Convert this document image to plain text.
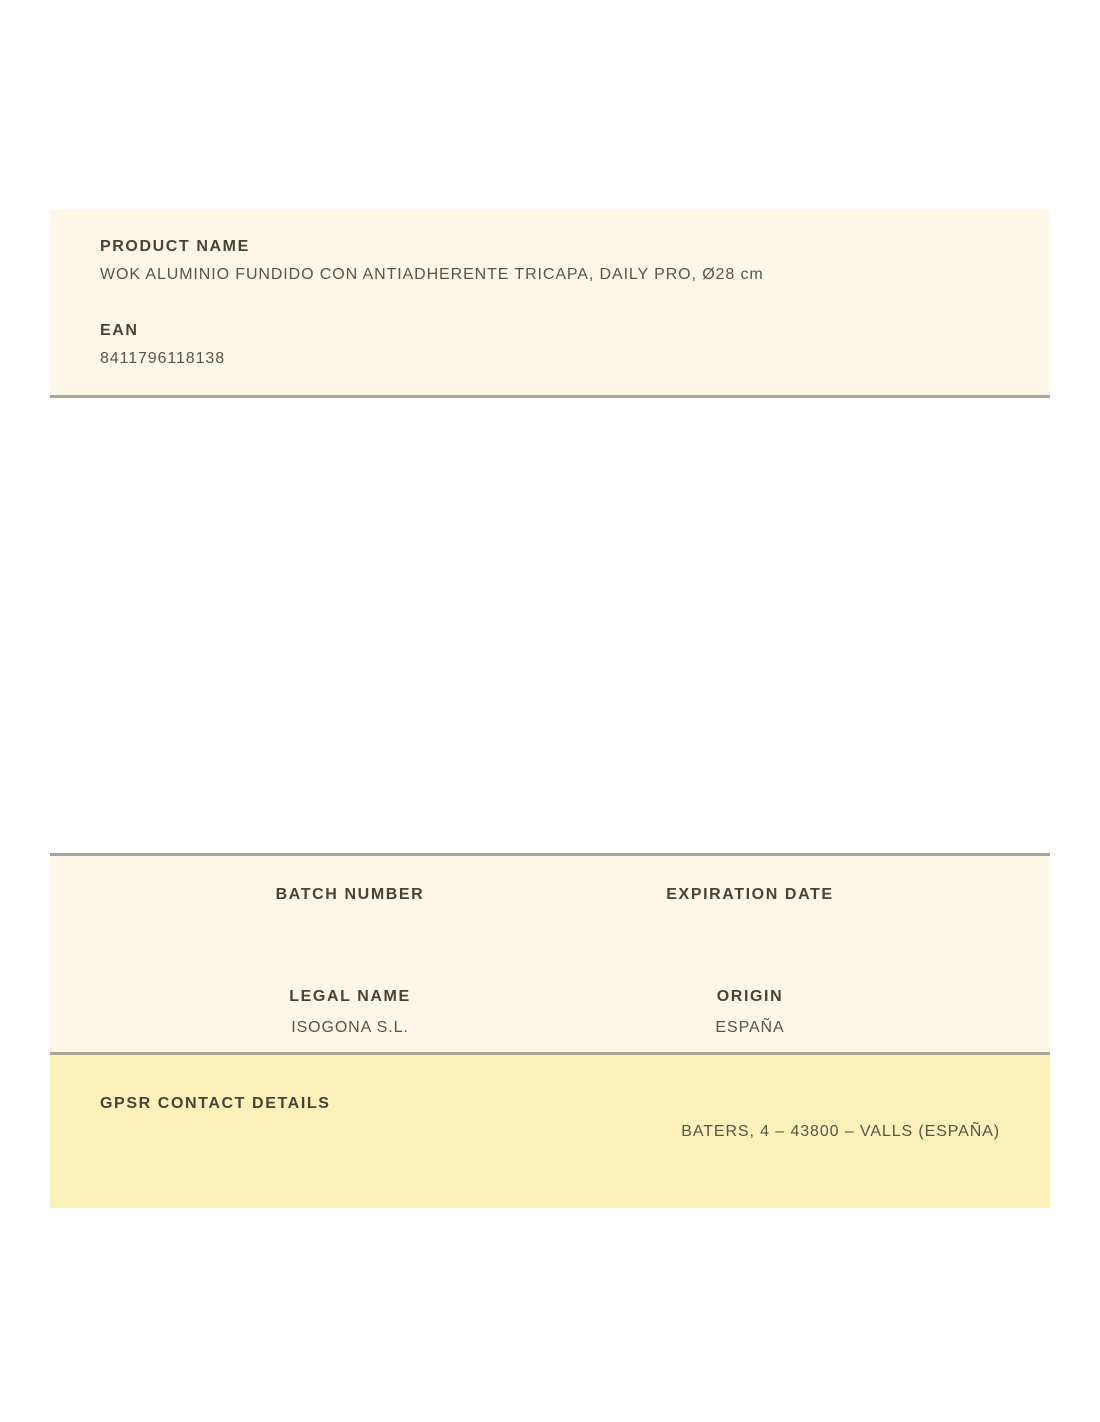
PRODUCT NAME
WOK ALUMINIO FUNDIDO CON ANTIADHERENTE TRICAPA, DAILY PRO, Ø28 cm
EAN
8411796118138
BATCH NUMBER
LEGAL NAME
ISOGONA S.L.
EXPIRATION DATE
ORIGIN
ESPAÑA
GPSR CONTACT DETAILS
BATERS, 4 – 43800 – VALLS (ESPAÑA)
